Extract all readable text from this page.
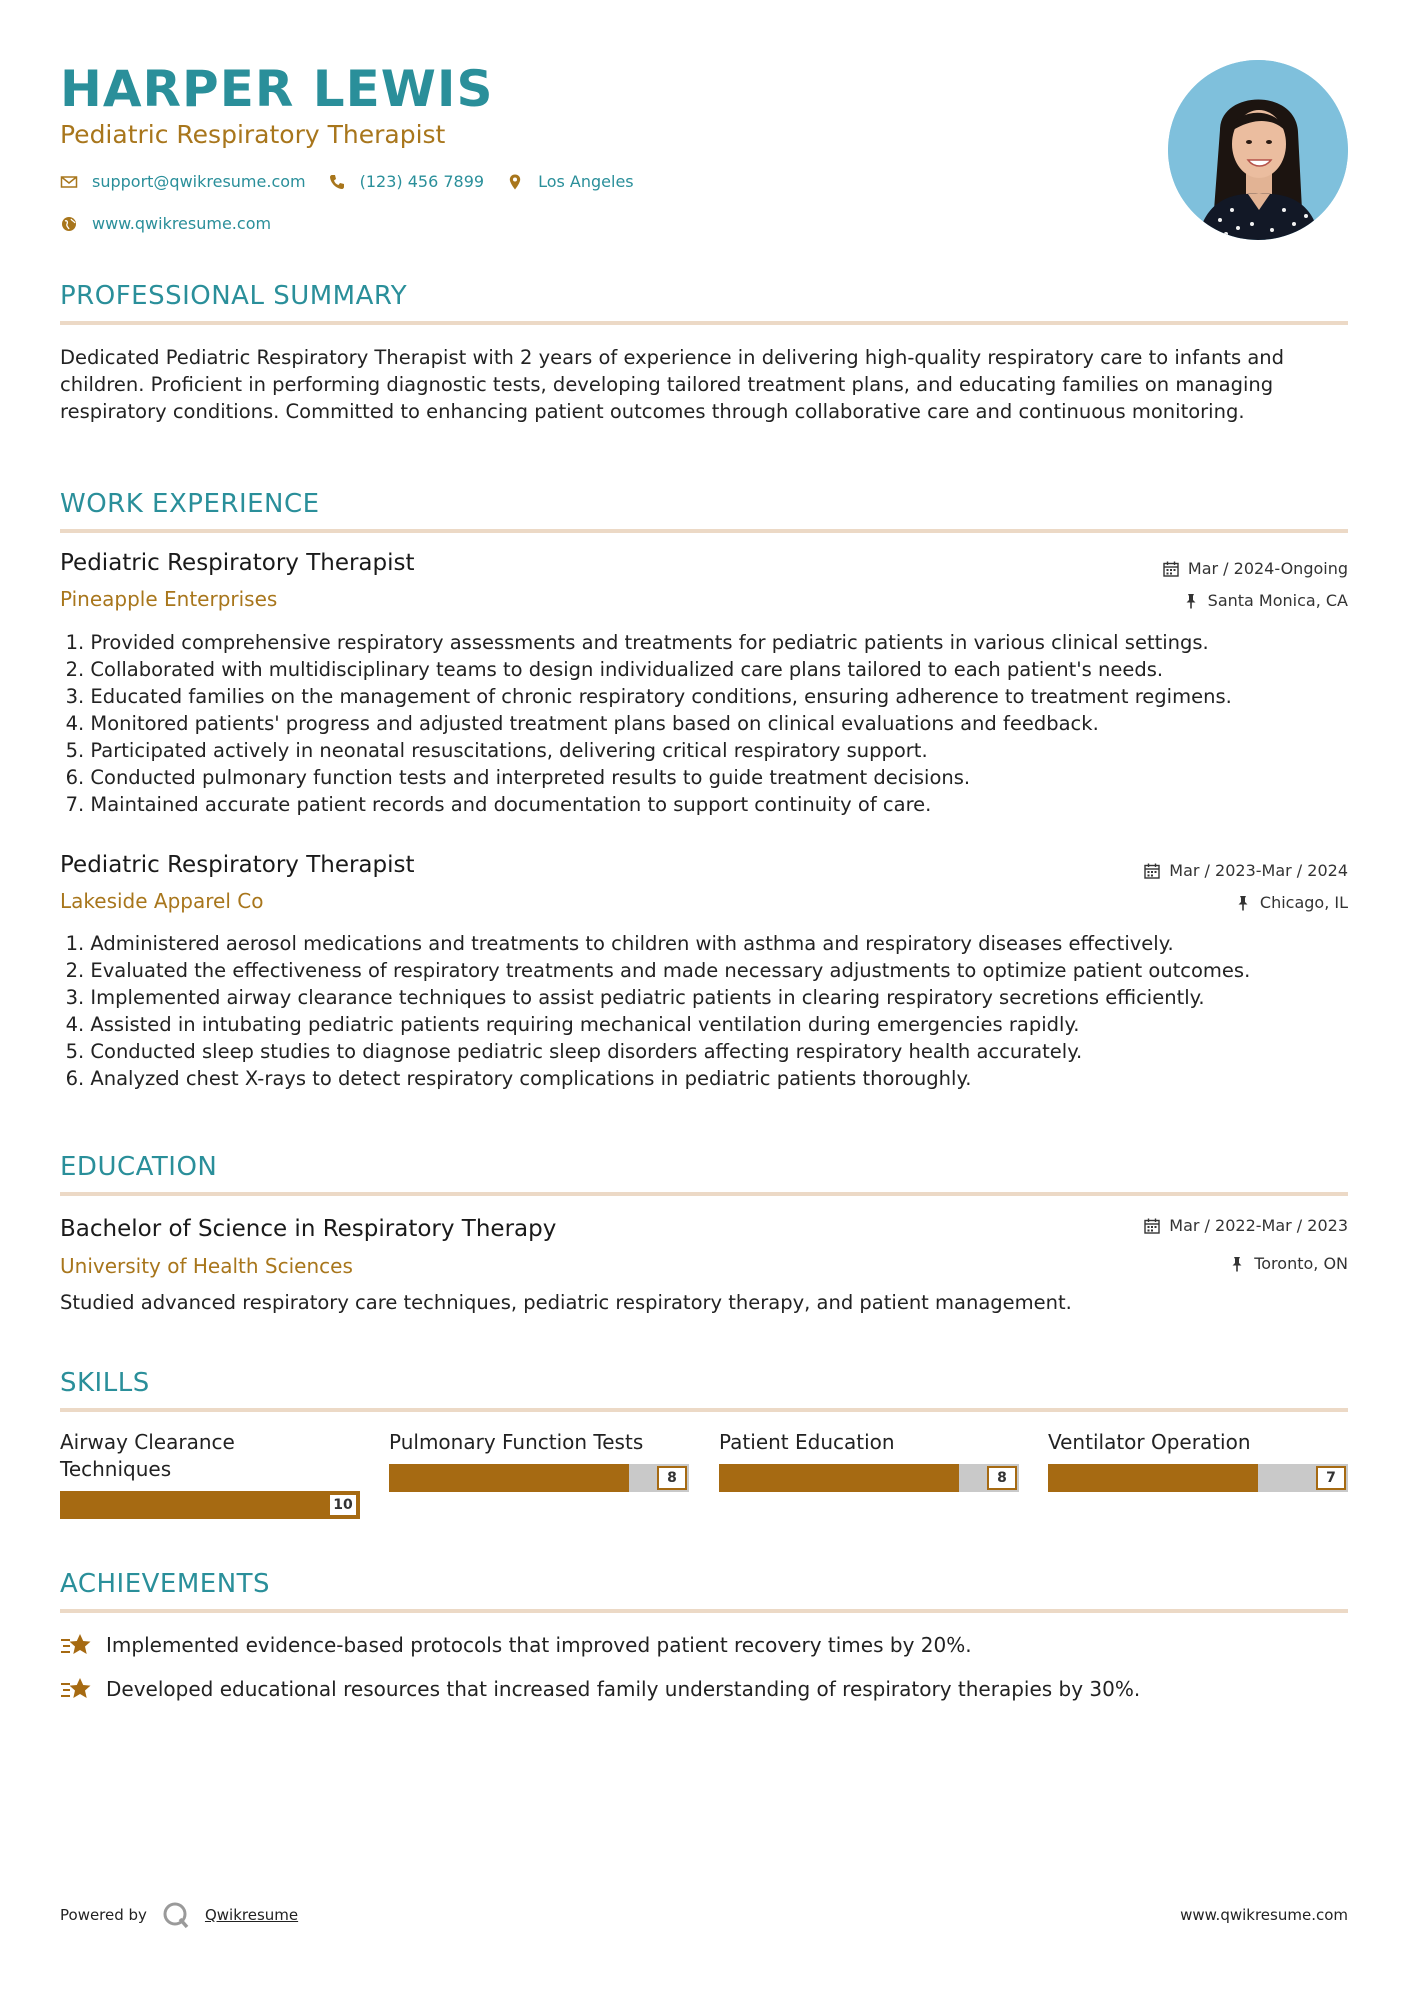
HARPER LEWIS
Pediatric Respiratory Therapist
support@qwikresume.com	(123) 456 7899	Los Angeles
www.qwikresume.com
PROFESSIONAL SUMMARY
Dedicated Pediatric Respiratory Therapist with 2 years of experience in delivering high-quality respiratory care to infants and children. Proficient in performing diagnostic tests, developing tailored treatment plans, and educating families on managing respiratory conditions. Committed to enhancing patient outcomes through collaborative care and continuous monitoring.
WORK EXPERIENCE
Pediatric Respiratory Therapist	Mar / 2024-Ongoing
Pineapple Enterprises	Santa Monica, CA
1 . Provided comprehensive respiratory assessments and treatments for pediatric patients in various clinical settings.
2 . Collaborated with multidisciplinary teams to design individualized care plans tailored to each patient's needs.
3 . Educated families on the management of chronic respiratory conditions, ensuring adherence to treatment regimens.
4 . Monitored patients' progress and adjusted treatment plans based on clinical evaluations and feedback.
5 . Participated actively in neonatal resuscitations, delivering critical respiratory support.
6 . Conducted pulmonary function tests and interpreted results to guide treatment decisions.
7 . Maintained accurate patient records and documentation to support continuity of care.
Pediatric Respiratory Therapist	Mar / 2023-Mar / 2024
Lakeside Apparel Co	Chicago, IL
1 . Administered aerosol medications and treatments to children with asthma and respiratory diseases effectively.
2 . Evaluated the effectiveness of respiratory treatments and made necessary adjustments to optimize patient outcomes.
3 . Implemented airway clearance techniques to assist pediatric patients in clearing respiratory secretions efficiently.
4 . Assisted in intubating pediatric patients requiring mechanical ventilation during emergencies rapidly.
5 . Conducted sleep studies to diagnose pediatric sleep disorders affecting respiratory health accurately.
6 . Analyzed chest X-rays to detect respiratory complications in pediatric patients thoroughly.
EDUCATION
Bachelor of Science in Respiratory Therapy	Mar / 2022-Mar / 2023
University of Health Sciences	Toronto, ON
Studied advanced respiratory care techniques, pediatric respiratory therapy, and patient management.
SKILLS
Airway Clearance Techniques
10
Pulmonary Function Tests
8
Patient Education
8
Ventilator Operation
7
ACHIEVEMENTS
Implemented evidence-based protocols that improved patient recovery times by 20%.
Developed educational resources that increased family understanding of respiratory therapies by 30%.
Powered by	Qwikresume	www.qwikresume.com
